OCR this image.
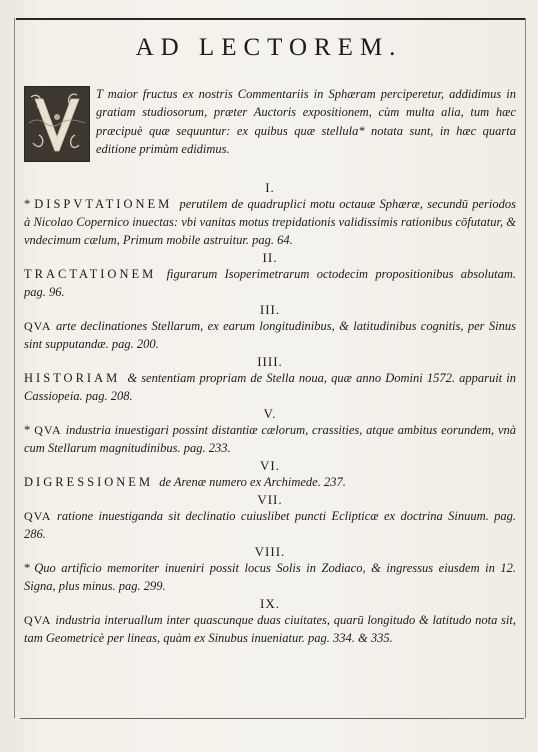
AD LECTOREM.
T maior fructus ex nostris Commentariis in Sphæram perciperetur, addidimus in gratiam studiosorum, præter Auctoris expositionem, cùm multa alia, tum hæc præcipuè quæ sequuntur: ex quibus quæ stellula* notata sunt, in hæc quarta editione primùm edidimus.
I.
* DISPVTATIONEM perutilem de quadruplici motu octauæ Sphæræ, secundū periodos à Nicolao Copernico inuectas: vbi vanitas motus trepidationis validissimis rationibus cōfutatur, & vndecimum cælum, Primum mobile astruitur. pag. 64.
II.
TRACTATIONEM figurarum Isoperimetrarum octodecim propositionibus absolutam. pag. 96.
III.
QVA arte declinationes Stellarum, ex earum longitudinibus, & latitudinibus cognitis, per Sinus sint supputandæ. pag. 200.
IIII.
HISTORIAM & sententiam propriam de Stella noua, quæ anno Domini 1572. apparuit in Cassiopeia. pag. 208.
V.
* QVA industria inuestigari possint distantiæ cælorum, crassities, atque ambitus eorundem, vnà cum Stellarum magnitudinibus. pag. 233.
VI.
DIGRESSIONEM de Arenæ numero ex Archimede. 237.
VII.
QVA ratione inuestiganda sit declinatio cuiuslibet puncti Eclipticæ ex doctrina Sinuum. pag. 286.
VIII.
* Quo artificio memoriter inueniri possit locus Solis in Zodiaco, & ingressus eiusdem in 12. Signa, plus minus. pag. 299.
IX.
QVA industria interuallum inter quascunque duas ciuitates, quarū longitudo & latitudo nota sit, tam Geometricè per lineas, quàm ex Sinubus inueniatur. pag. 334. & 335.
